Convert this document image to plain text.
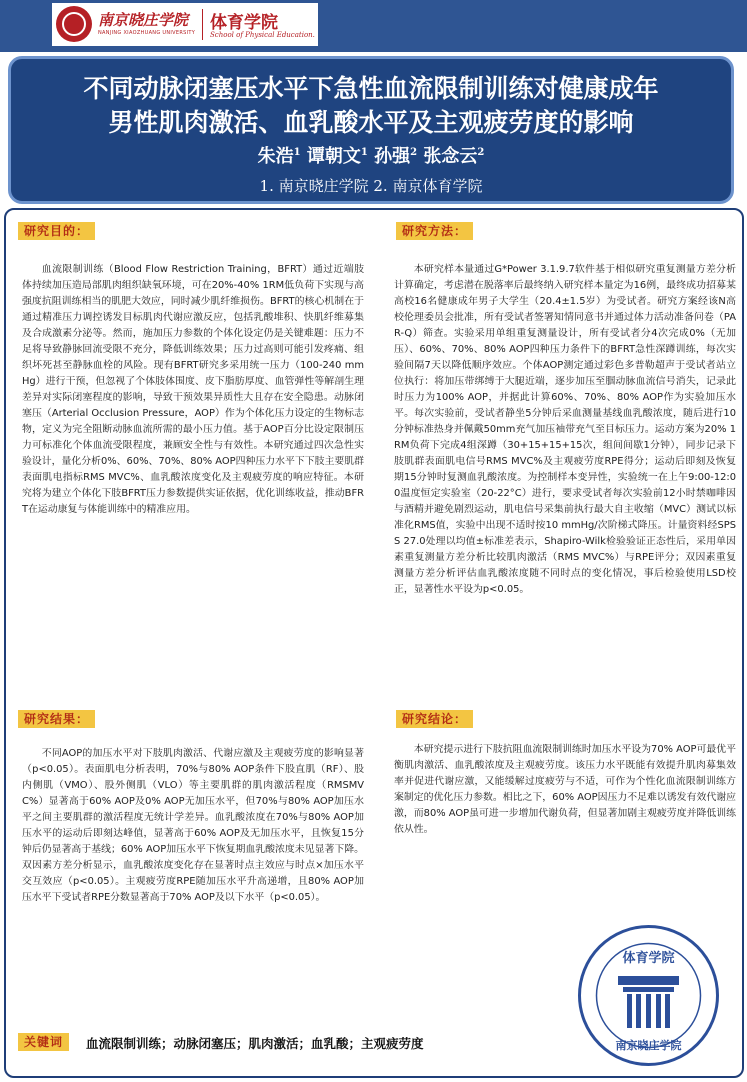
南京晓庄学院
NANJING XIAOZHUANG UNIVERSITY 体育学院
School of Physical Education.
不同动脉闭塞压水平下急性血流限制训练对健康成年
男性肌肉激活、血乳酸水平及主观疲劳度的影响
朱浩$^1$ 谭朝文$^1$ 孙强$^2$ 张念云$^2$
1. 南京晓庄学院 2. 南京体育学院
研究目的：

血流限制训练（Blood Flow Restriction Training，BFRT）通过近端肢体持续加压造局部肌肉组织缺氧环境，可在20%-40% 1RM低负荷下实现与高强度抗阻训练相当的肌肥大效应，同时减少肌纤维损伤。BFRT的核心机制在于通过精准压力调控诱发目标肌肉代谢应激反应，包括乳酸堆积、快肌纤维募集及合成激素分泌等。然而，施加压力参数的个体化设定仍是关键难题：压力不足将导致静脉回流受限不充分，降低训练效果；压力过高则可能引发疼痛、组织坏死甚至静脉血栓的风险。现有BFRT研究多采用统一压力（100-240 mmHg）进行干预，但忽视了个体肢体围度、皮下脂肪厚度、血管弹性等解剖生理差异对实际闭塞程度的影响，导致干预效果异质性大且存在安全隐患。动脉闭塞压（Arterial Occlusion Pressure，AOP）作为个体化压力设定的生物标志物，定义为完全阻断动脉血流所需的最小压力值。基于AOP百分比设定限制压力可标准化个体血流受限程度，兼顾安全性与有效性。本研究通过四次急性实验设计，量化分析0%、60%、70%、80% AOP四种压力水平下下肢主要肌群表面肌电指标RMS MVC%、血乳酸浓度变化及主观疲劳度的响应特征。本研究将为建立个体化下肢BFRT压力参数提供实证依据，优化训练收益，推动BFRT在运动康复与体能训练中的精准应用。

研究方法：

本研究样本量通过G*Power 3.1.9.7软件基于相似研究重复测量方差分析计算确定，考虑潜在脱落率后最终纳入研究样本量定为16例，最终成功招募某高校16名健康成年男子大学生（20.4±1.5岁）为受试者。研究方案经该N高校伦理委员会批准，所有受试者签署知情同意书并通过体力活动准备问卷（PAR-Q）筛查。实验采用单组重复测量设计，所有受试者分4次完成0%（无加压）、60%、70%、80% AOP四种压力条件下的BFRT急性深蹲训练，每次实验间隔7天以降低顺序效应。个体AOP测定通过彩色多普勒超声于受试者站立位执行：将加压带绑缚于大腿近端，逐步加压至腘动脉血流信号消失，记录此时压力为100% AOP，并据此计算60%、70%、80% AOP作为实验加压水平。每次实验前，受试者静坐5分钟后采血测量基线血乳酸浓度，随后进行10分钟标准热身并佩戴50mm充气加压袖带充气至目标压力。运动方案为20% 1RM负荷下完成4组深蹲（30+15+15+15次，组间间歇1分钟），同步记录下肢肌群表面肌电信号RMS MVC%及主观疲劳度RPE得分；运动后即刻及恢复期15分钟时复测血乳酸浓度。为控制样本变异性，实验统一在上午9:00-12:00温度恒定实验室（20-22°C）进行，要求受试者每次实验前12小时禁咖啡因与酒精并避免剧烈运动，肌电信号采集前执行最大自主收缩（MVC）测试以标准化RMS值，实验中出现不适时按10 mmHg/次阶梯式降压。计量资料经SPSS 27.0处理以均值±标准差表示，Shapiro-Wilk检验验证正态性后，采用单因素重复测量方差分析比较肌肉激活（RMS MVC%）与RPE评分；双因素重复测量方差分析评估血乳酸浓度随不同时点的变化情况，事后检验使用LSD校正，显著性水平设为p<0.05。

研究结果：

不同AOP的加压水平对下肢肌肉激活、代谢应激及主观疲劳度的影响显著（p<0.05）。表面肌电分析表明，70%与80% AOP条件下股直肌（RF）、股内侧肌（VMO）、股外侧肌（VLO）等主要肌群的肌肉激活程度（RMSMVC%）显著高于60% AOP及0% AOP无加压水平，但70%与80% AOP加压水平之间主要肌群的激活程度无统计学差异。血乳酸浓度在70%与80% AOP加压水平的运动后即刻达峰值，显著高于60% AOP及无加压水平，且恢复15分钟后仍显著高于基线；60% AOP加压水平下恢复期血乳酸浓度未见显著下降。双因素方差分析显示，血乳酸浓度变化存在显著时点主效应与时点×加压水平交互效应（p<0.05）。主观疲劳度RPE随加压水平升高递增，且80% AOP加压水平下受试者RPE分数显著高于70% AOP及以下水平（p<0.05）。

研究结论：

本研究提示进行下肢抗阻血流限制训练时加压水平设为70% AOP可最优平衡肌肉激活、血乳酸浓度及主观疲劳度。该压力水平既能有效提升肌肉募集效率并促进代谢应激，又能缓解过度疲劳与不适，可作为个性化血流限制训练方案制定的优化压力参数。相比之下，60% AOP因压力不足难以诱发有效代谢应激，而80% AOP虽可进一步增加代谢负荷，但显著加剧主观疲劳度并降低训练依从性。

关键词	血流限制训练；动脉闭塞压；肌肉激活；血乳酸；主观疲劳度
体育学院
南京晓庄学院
